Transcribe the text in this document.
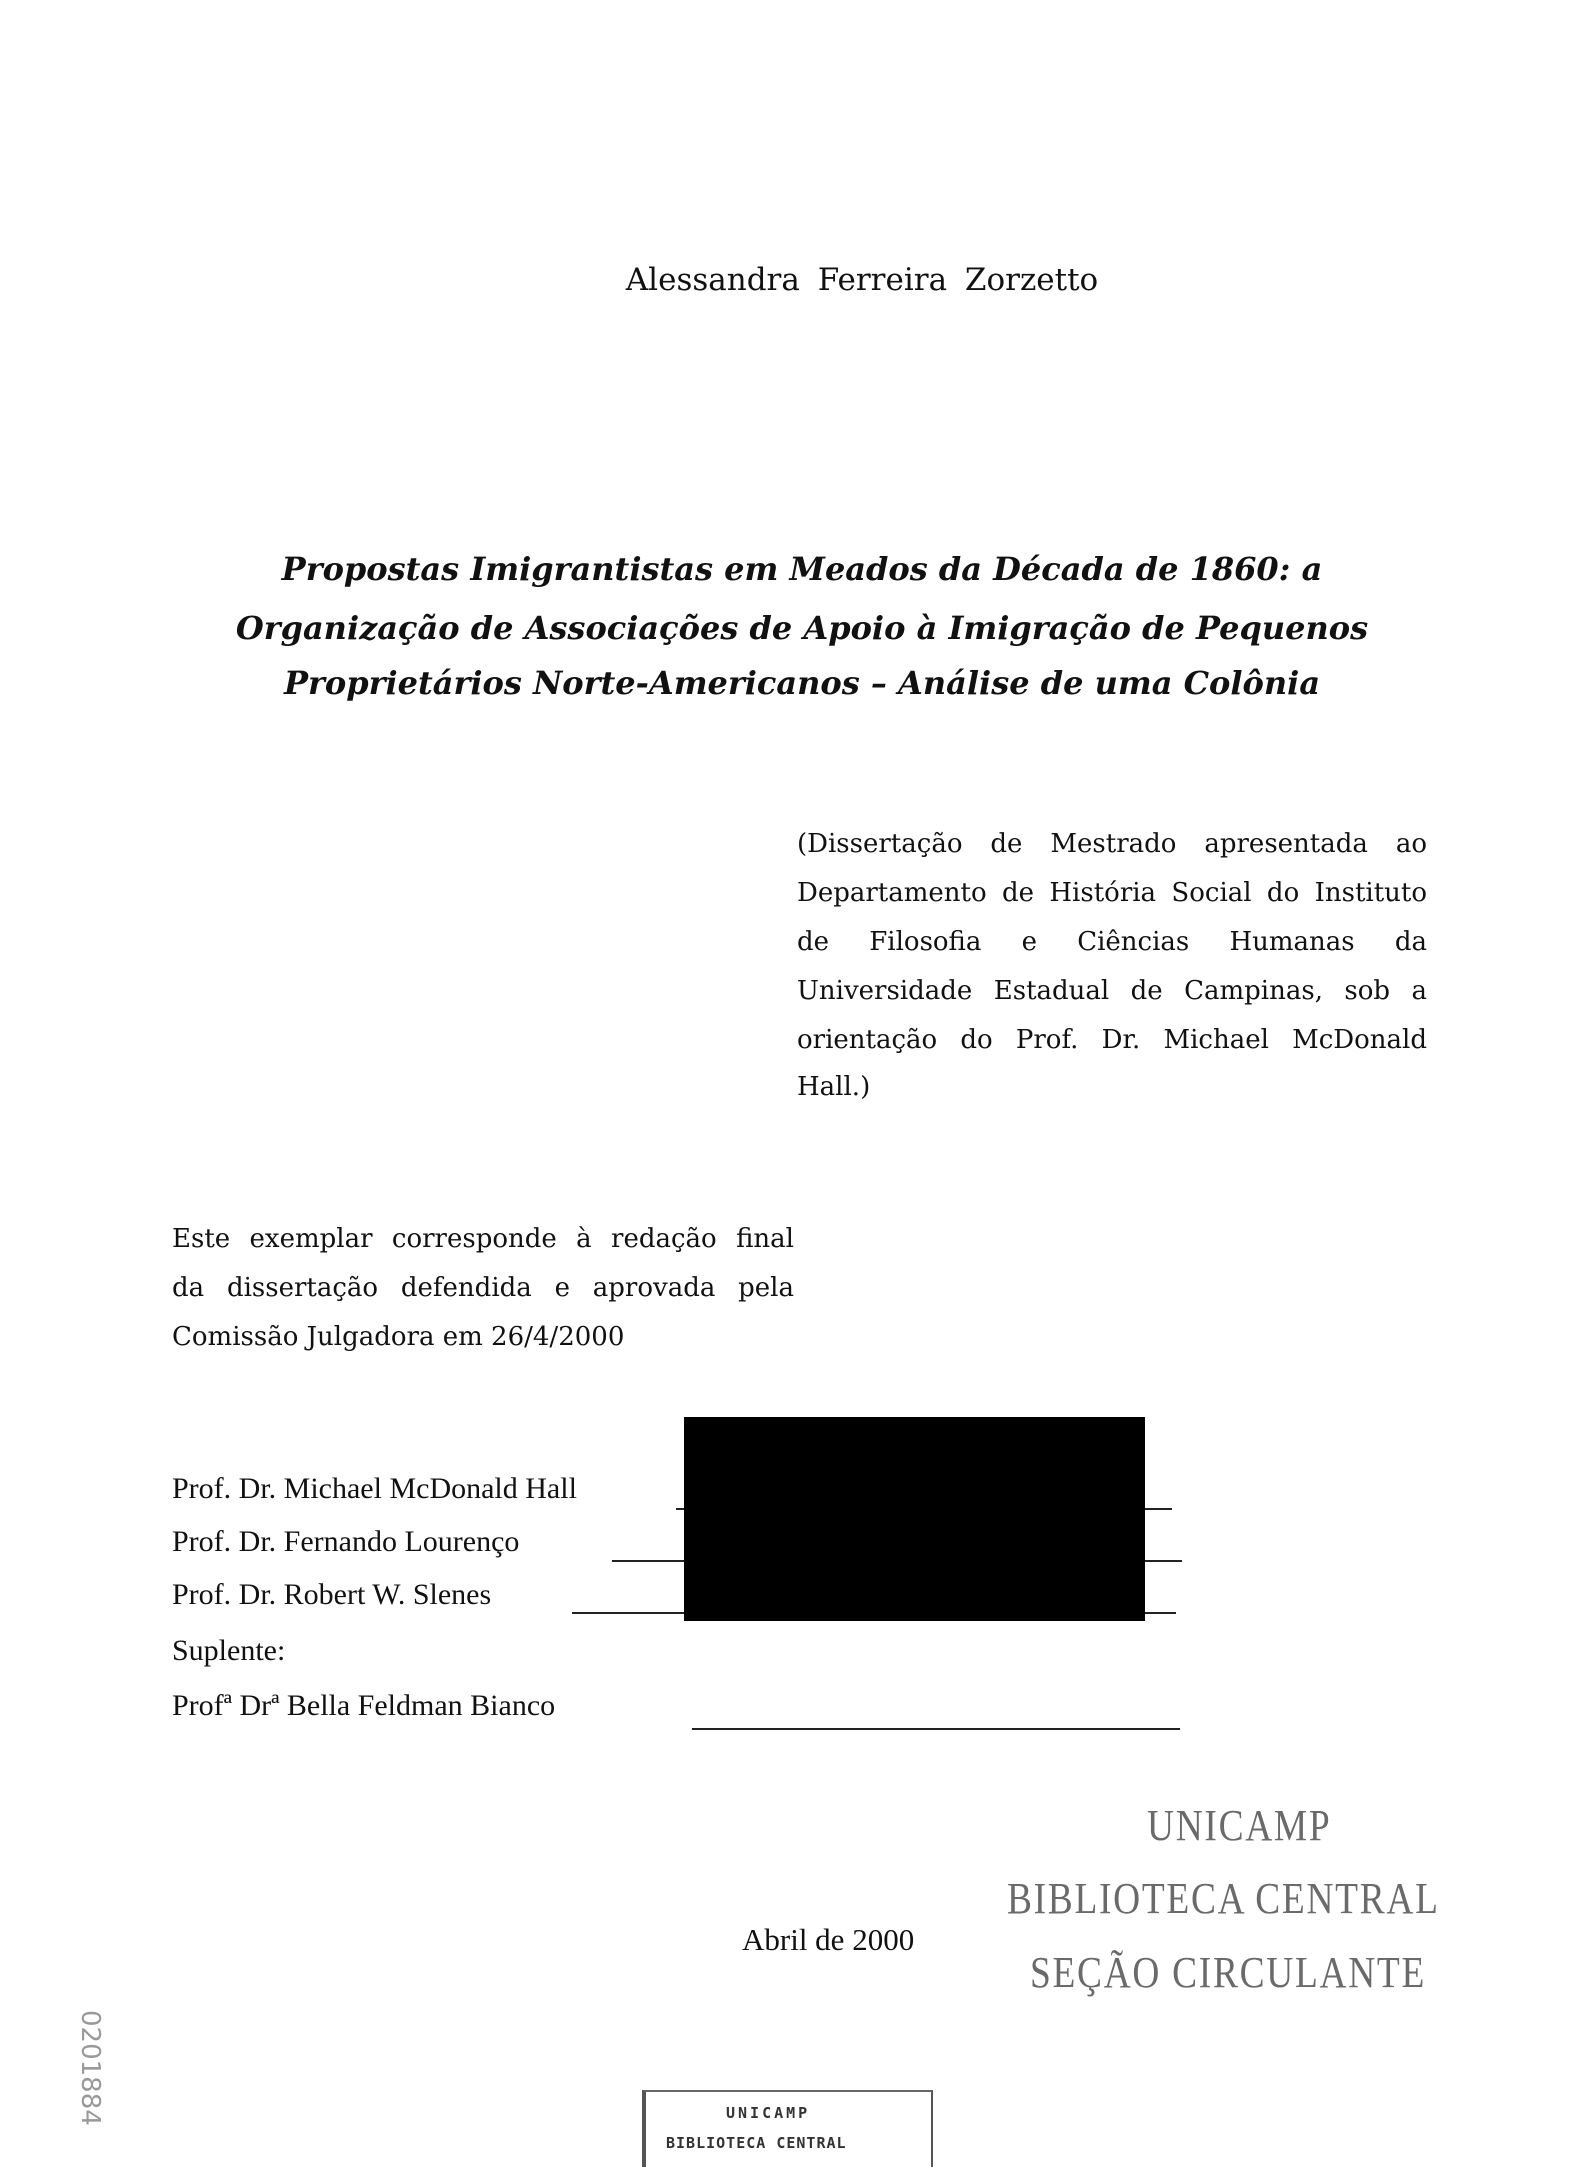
Alessandra Ferreira Zorzetto
Propostas Imigrantistas em Meados da Década de 1860: a
Organização de Associações de Apoio à Imigração de Pequenos
Proprietários Norte-Americanos – Análise de uma Colônia
(Dissertação de Mestrado apresentada ao
Departamento de História Social do Instituto
de Filosofia e Ciências Humanas da
Universidade Estadual de Campinas, sob a
orientação do Prof. Dr. Michael McDonald
Hall.)
Este exemplar corresponde à redação final
da dissertação defendida e aprovada pela
Comissão Julgadora em 26/4/2000
Prof. Dr. Michael McDonald Hall
Prof. Dr. Fernando Lourenço
Prof. Dr. Robert W. Slenes
Suplente:
Profª Drª Bella Feldman Bianco
UNICAMP
BIBLIOTECA CENTRAL
SEÇÃO CIRCULANTE
Abril de 2000
UNICAMP
BIBLIOTECA CENTRAL
0201884
